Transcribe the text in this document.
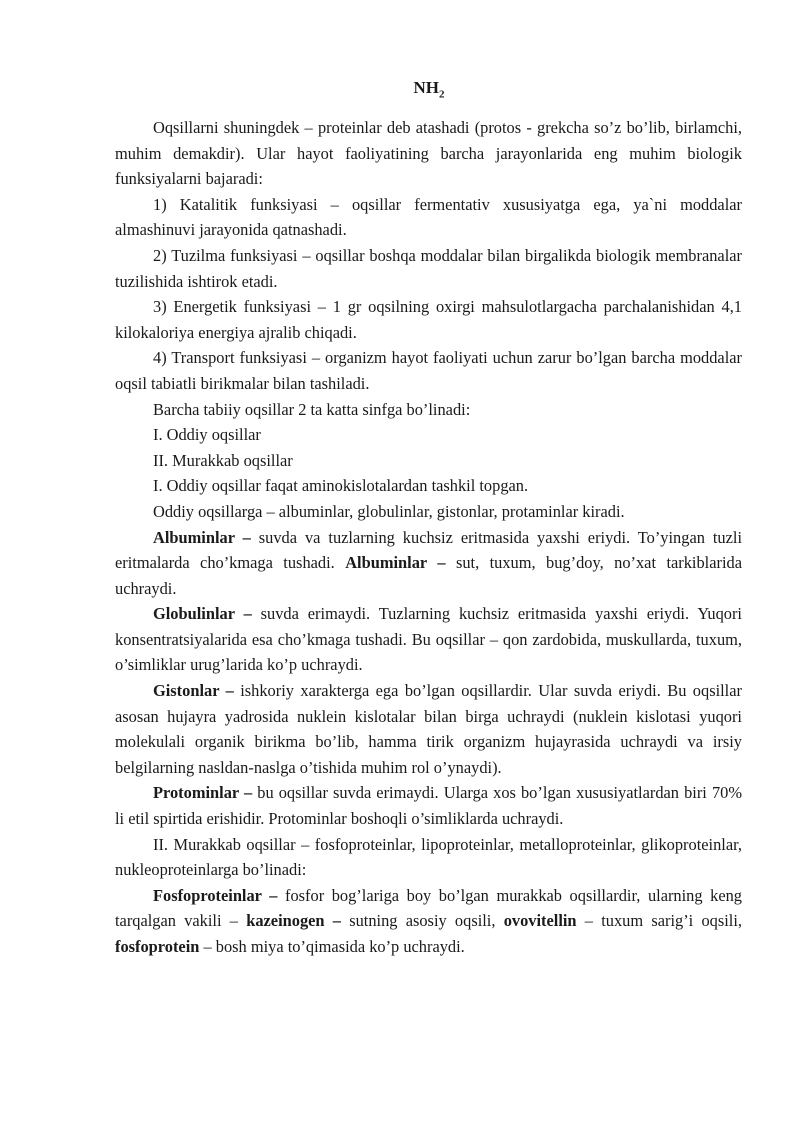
$NH_2$

Oqsillarni shuningdek – proteinlar deb atashadi (protos - grekcha so’z bo’lib, birlamchi, muhim demakdir). Ular hayot faoliyatining barcha jarayonlarida eng muhim biologik funksiyalarni bajaradi:

1) Katalitik funksiyasi – oqsillar fermentativ xususiyatga ega, ya`ni moddalar almashinuvi jarayonida qatnashadi.

2) Tuzilma funksiyasi – oqsillar boshqa moddalar bilan birgalikda biologik membranalar tuzilishida ishtirok etadi.

3) Energetik funksiyasi – 1 gr oqsilning oxirgi mahsulotlargacha parchalanishidan 4,1 kilokaloriya energiya ajralib chiqadi.

4) Transport funksiyasi – organizm hayot faoliyati uchun zarur bo’lgan barcha moddalar oqsil tabiatli birikmalar bilan tashiladi.

Barcha tabiiy oqsillar 2 ta katta sinfga bo’linadi:

I. Oddiy oqsillar

II. Murakkab oqsillar

I. Oddiy oqsillar faqat aminokislotalardan tashkil topgan.

Oddiy oqsillarga – albuminlar, globulinlar, gistonlar, protaminlar kiradi.

Albuminlar – suvda va tuzlarning kuchsiz eritmasida yaxshi eriydi. To’yingan tuzli eritmalarda cho’kmaga tushadi. Albuminlar – sut, tuxum, bug’doy, no’xat tarkiblarida uchraydi.

Globulinlar – suvda erimaydi. Tuzlarning kuchsiz eritmasida yaxshi eriydi. Yuqori konsentratsiyalarida esa cho’kmaga tushadi. Bu oqsillar – qon zardobida, muskullarda, tuxum, o’simliklar urug’larida ko’p uchraydi.

Gistonlar – ishkoriy xarakterga ega bo’lgan oqsillardir. Ular suvda eriydi. Bu oqsillar asosan hujayra yadrosida nuklein kislotalar bilan birga uchraydi (nuklein kislotasi yuqori molekulali organik birikma bo’lib, hamma tirik organizm hujayrasida uchraydi va irsiy belgilarning nasldan-naslga o’tishida muhim rol o’ynaydi).

Protominlar – bu oqsillar suvda erimaydi. Ularga xos bo’lgan xususiyatlardan biri 70% li etil spirtida erishidir. Protominlar boshoqli o’simliklarda uchraydi.

II. Murakkab oqsillar – fosfoproteinlar, lipoproteinlar, metalloproteinlar, glikoproteinlar, nukleoproteinlarga bo’linadi:

Fosfoproteinlar – fosfor bog’lariga boy bo’lgan murakkab oqsillardir, ularning keng tarqalgan vakili – kazeinogen – sutning asosiy oqsili, ovovitellin – tuxum sarig’i oqsili, fosfoprotein – bosh miya to’qimasida ko’p uchraydi.
